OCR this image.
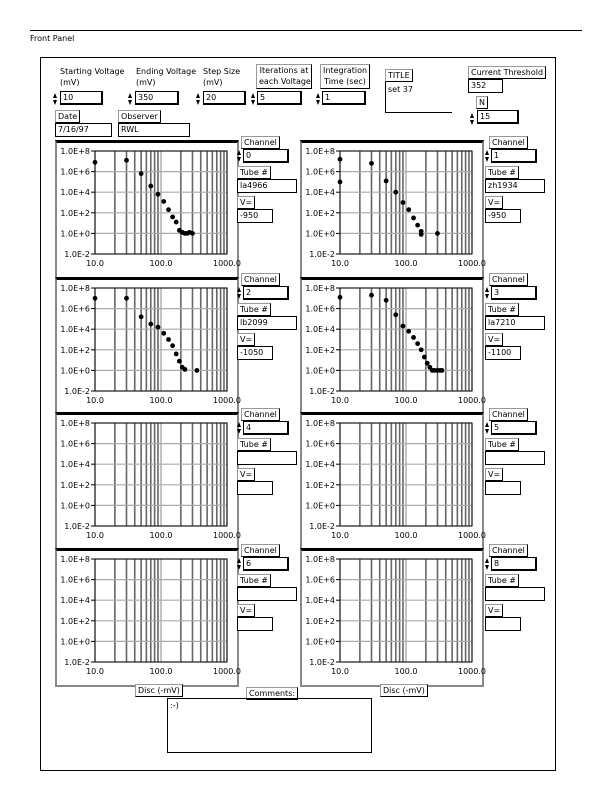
Front Panel
Starting Voltage
(mV)
10
Ending Voltage
(mV)
350
Step Size
(mV)
20
Iterations at
each Voltage
5
Integration
Time (sec)
1
TITLE
set 37
Current Threshold
352
N
15
Date
7/16/97
Observer
RWL
1.0E-2
1.0E+0
1.0E+2
1.0E+4
1.0E+6
1.0E+8
10.0	100.0	1000.0
1.0E-2
1.0E+0
1.0E+2
1.0E+4
1.0E+6
1.0E+8
10.0	100.0	1000.0
1.0E-2
1.0E+0
1.0E+2
1.0E+4
1.0E+6
1.0E+8
10.0	100.0	1000.0
1.0E-2
1.0E+0
1.0E+2
1.0E+4
1.0E+6
1.0E+8
10.0	100.0	1000.0
1.0E-2
1.0E+0
1.0E+2
1.0E+4
1.0E+6
1.0E+8
10.0	100.0	1000.0
1.0E-2
1.0E+0
1.0E+2
1.0E+4
1.0E+6
1.0E+8
10.0	100.0	1000.0
1.0E-2
1.0E+0
1.0E+2
1.0E+4
1.0E+6
1.0E+8
10.0	100.0	1000.0
1.0E-2
1.0E+0
1.0E+2
1.0E+4
1.0E+6
1.0E+8
10.0	100.0	1000.0
Disc (-mV)	Disc (-mV)
Comments:
:-)
Channel
0
Tube #
la4966
V=
-950
Channel
1
Tube #
zh1934
V=
-950
Channel
2
Tube #
lb2099
V=
-1050
Channel
3
Tube #
la7210
V=
-1100
Channel
4
Tube #
V=
Channel
5
Tube #
V=
Channel
6
Tube #
V=
Channel
8
Tube #
V=
